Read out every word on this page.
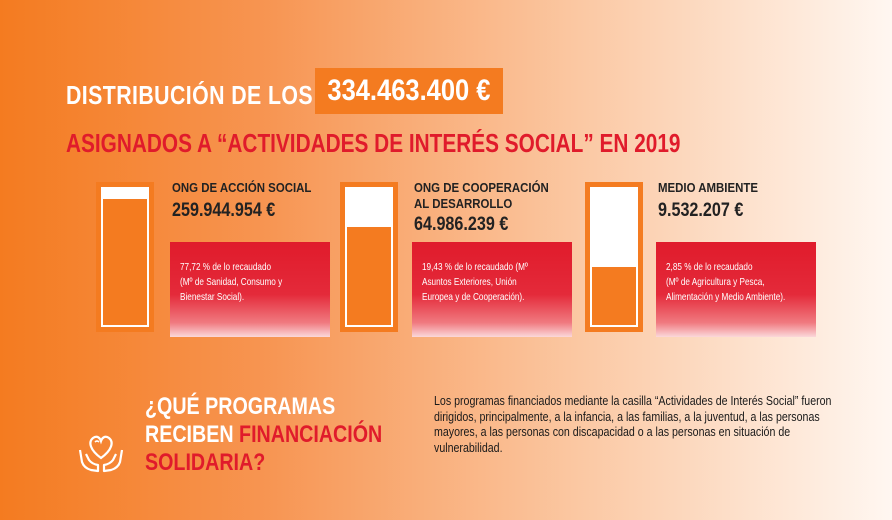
DISTRIBUCIÓN DE LOS 334.463.400 €
ASIGNADOS A “ACTIVIDADES DE INTERÉS SOCIAL” EN 2019
ONG DE ACCIÓN SOCIAL
259.944.954 €
77,72 % de lo recaudado
(Mº de Sanidad, Consumo y
Bienestar Social).
ONG DE COOPERACIÓN
AL DESARROLLO
64.986.239 €
19,43 % de lo recaudado (Mº
Asuntos Exteriores, Unión
Europea y de Cooperación).
MEDIO AMBIENTE
9.532.207 €
2,85 % de lo recaudado
(Mº de Agricultura y Pesca,
Alimentación y Medio Ambiente).
¿QUÉ PROGRAMAS
RECIBEN FINANCIACIÓN
SOLIDARIA?
Los programas financiados mediante la casilla “Actividades de Interés Social” fueron dirigidos, principalmente, a la infancia, a las familias, a la juventud, a las personas mayores, a las personas con discapacidad o a las personas en situación de vulnerabilidad.
